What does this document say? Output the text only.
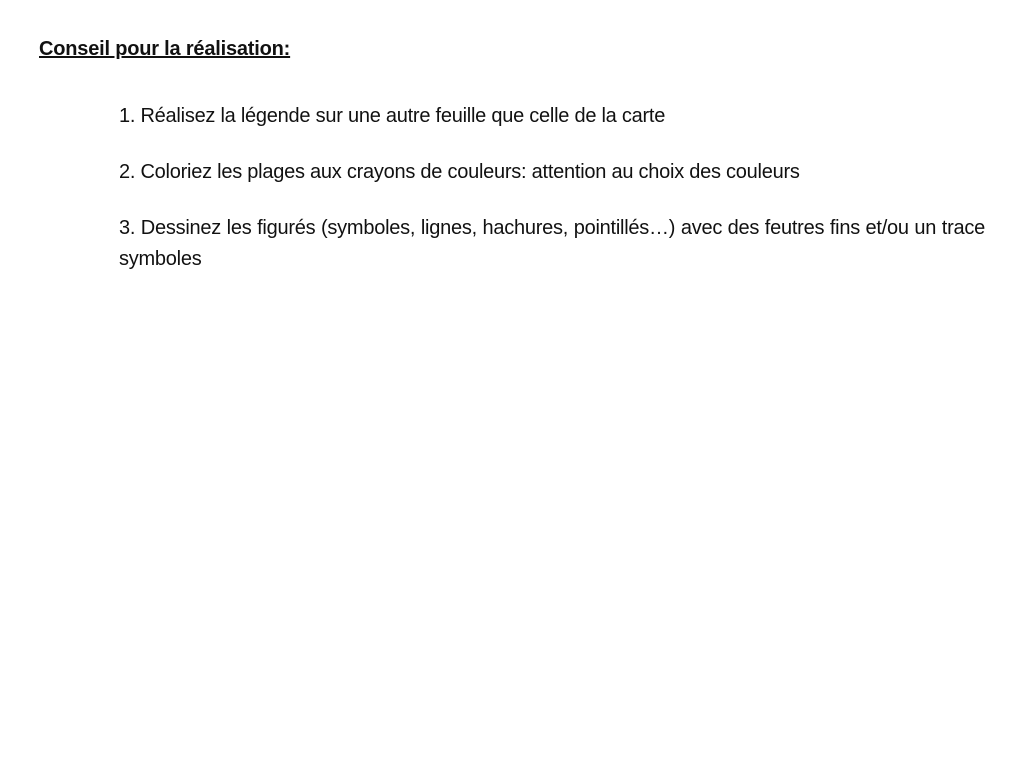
Conseil pour la réalisation:
1. Réalisez la légende sur une autre feuille que celle de la carte
2. Coloriez les plages aux crayons de couleurs: attention au choix des couleurs
3. Dessinez les figurés (symboles, lignes, hachures, pointillés…) avec des feutres fins et/ou un trace symboles
